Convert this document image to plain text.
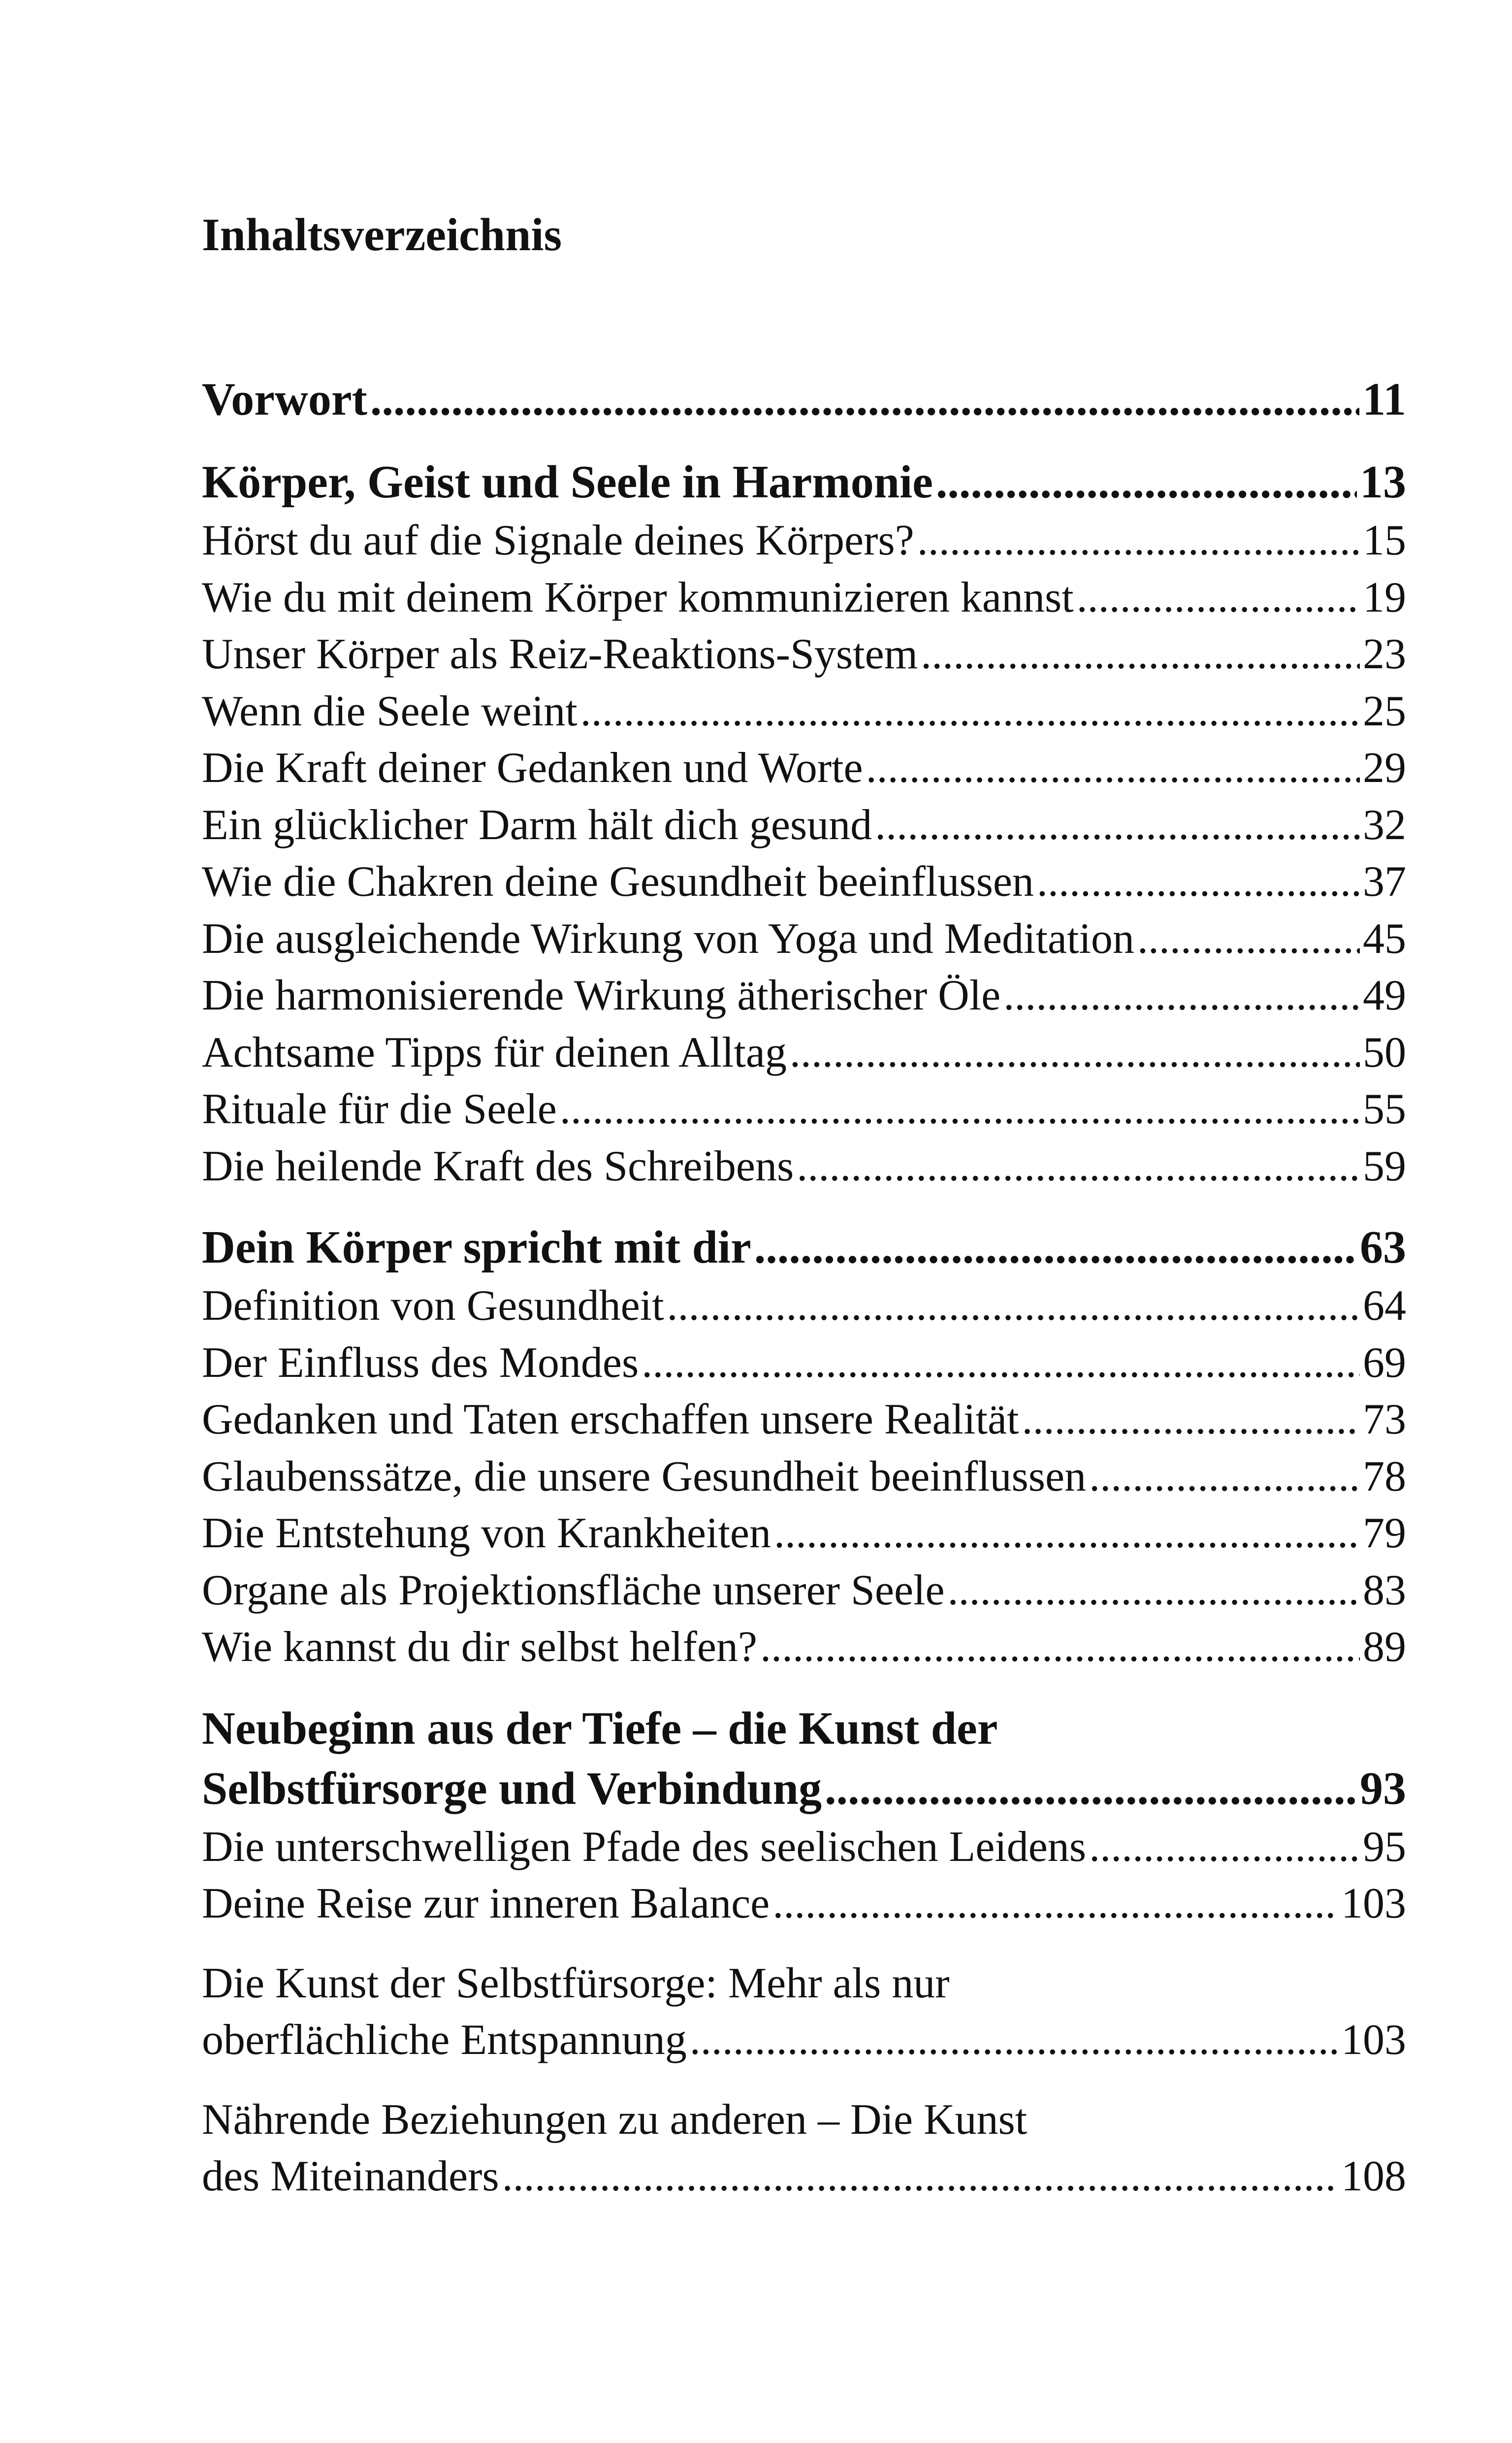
Inhaltsverzeichnis
Vorwort .....	11
Körper, Geist und Seele in Harmonie .....	13
Hörst du auf die Signale deines Körpers? .....	15
Wie du mit deinem Körper kommunizieren kannst .....	19
Unser Körper als Reiz-Reaktions-System .....	23
Wenn die Seele weint .....	25
Die Kraft deiner Gedanken und Worte .....	29
Ein glücklicher Darm hält dich gesund .....	32
Wie die Chakren deine Gesundheit beeinflussen .....	37
Die ausgleichende Wirkung von Yoga und Meditation .....	45
Die harmonisierende Wirkung ätherischer Öle .....	49
Achtsame Tipps für deinen Alltag .....	50
Rituale für die Seele .....	55
Die heilende Kraft des Schreibens .....	59
Dein Körper spricht mit dir .....	63
Definition von Gesundheit .....	64
Der Einfluss des Mondes .....	69
Gedanken und Taten erschaffen unsere Realität .....	73
Glaubenssätze, die unsere Gesundheit beeinflussen .....	78
Die Entstehung von Krankheiten .....	79
Organe als Projektionsfläche unserer Seele .....	83
Wie kannst du dir selbst helfen? .....	89
Neubeginn aus der Tiefe – die Kunst der
Selbstfürsorge und Verbindung .....	93
Die unterschwelligen Pfade des seelischen Leidens .....	95
Deine Reise zur inneren Balance .....	103
Die Kunst der Selbstfürsorge: Mehr als nur
oberflächliche Entspannung .....	103
Nährende Beziehungen zu anderen – Die Kunst
des Miteinanders .....	108
